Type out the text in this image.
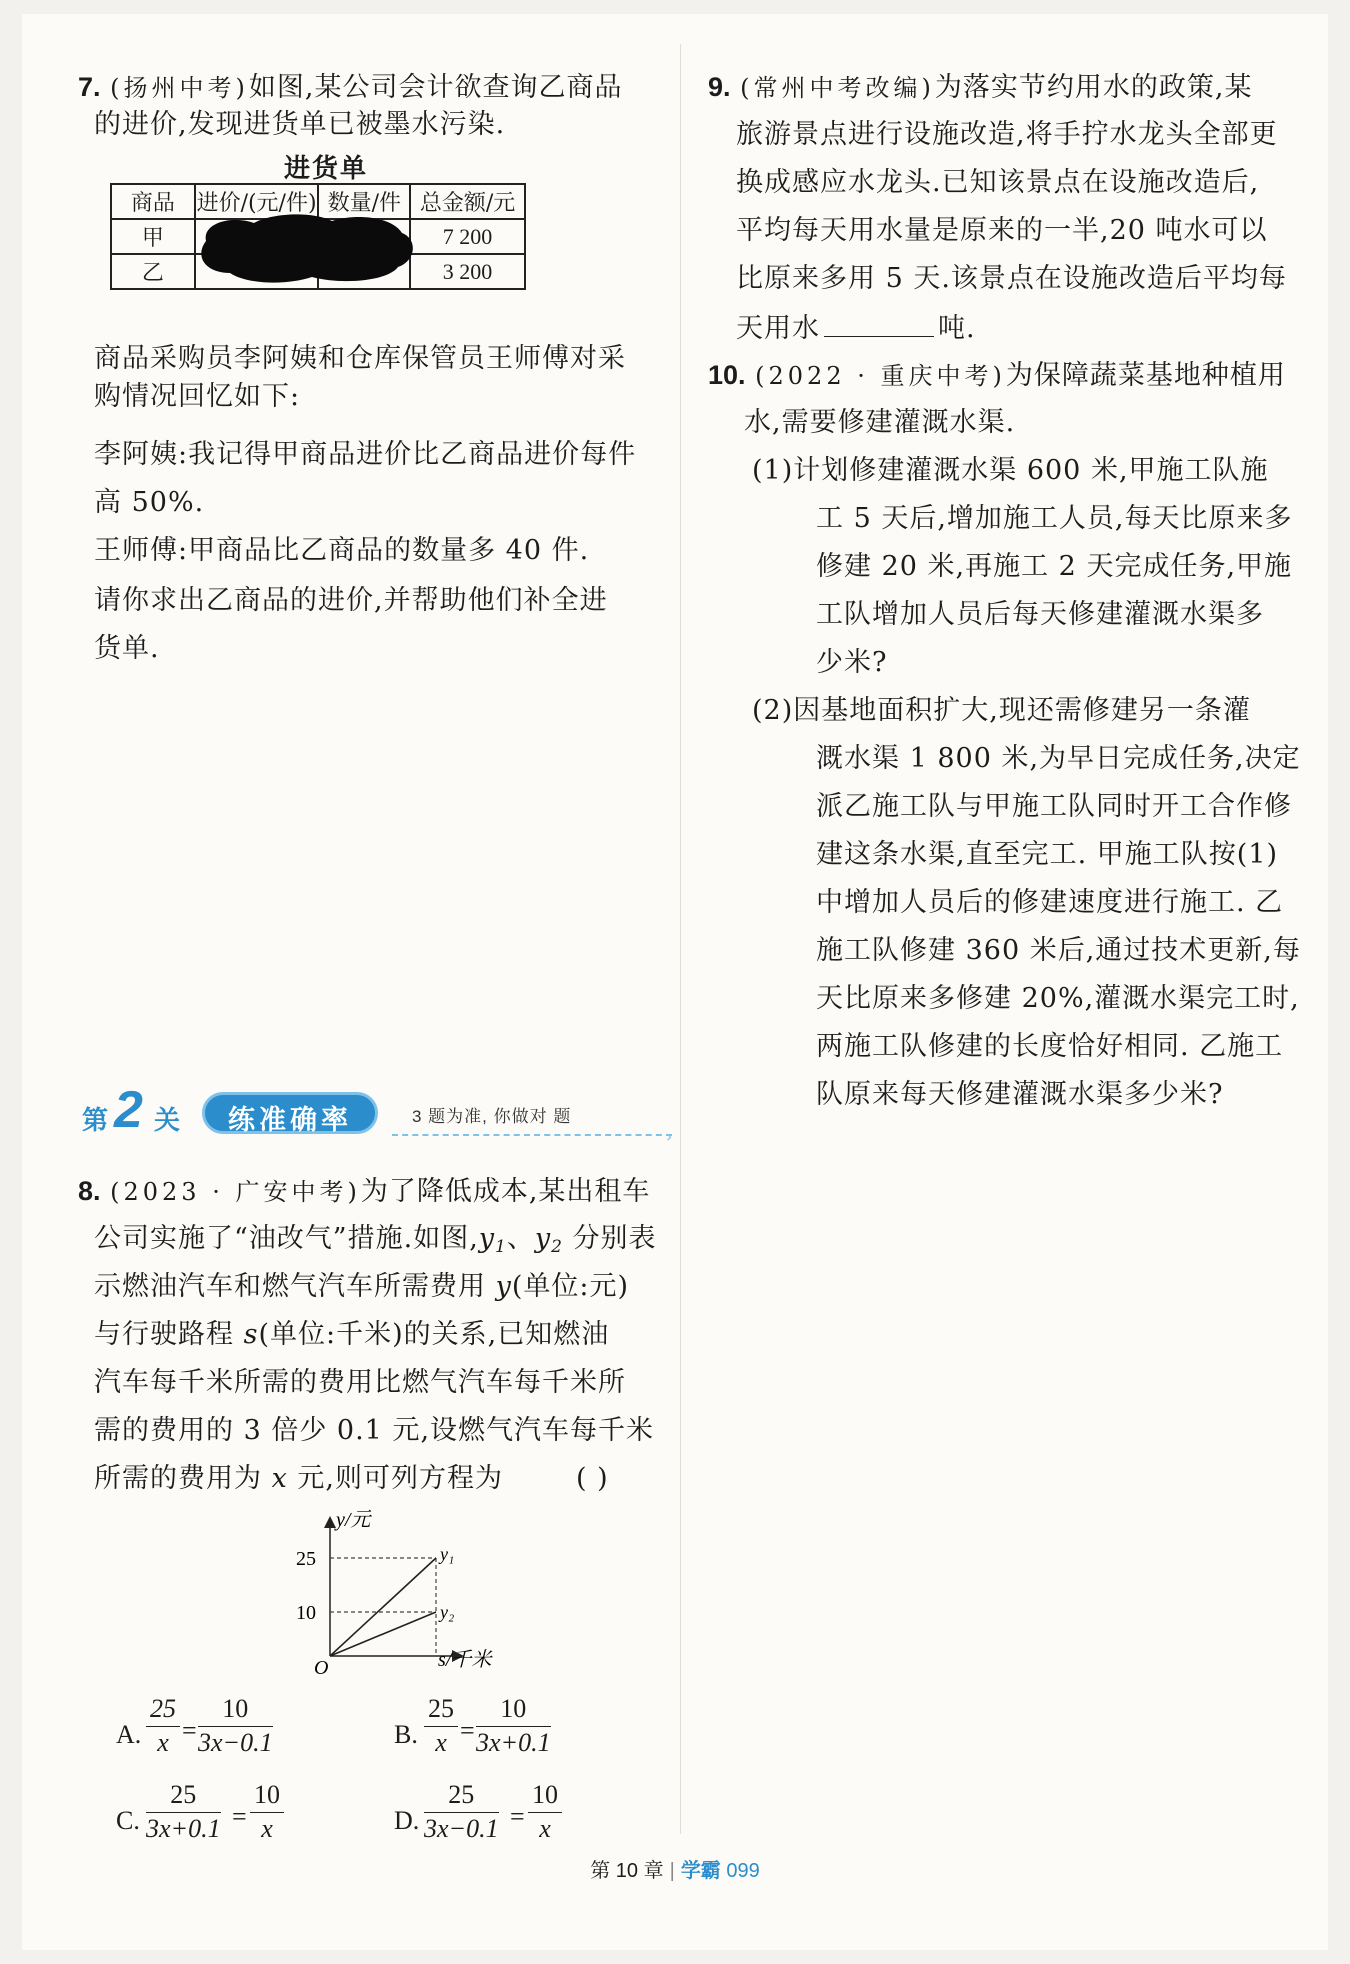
7. (扬州中考)如图,某公司会计欲查询乙商品
的进价,发现进货单已被墨水污染.
进货单
商品	进价/(元/件)	数量/件	总金额/元
甲			7 200
乙			3 200
商品采购员李阿姨和仓库保管员王师傅对采
购情况回忆如下:
李阿姨:我记得甲商品进价比乙商品进价每件
高 50%.
王师傅:甲商品比乙商品的数量多 40 件.
请你求出乙商品的进价,并帮助他们补全进
货单.
第 2 关	练准确率	3 题为准, 你做对 题
›
8. (2023 · 广安中考)为了降低成本,某出租车
公司实施了“油改气”措施.如图$,y_1$、$y_2$ 分别表
示燃油汽车和燃气汽车所需费用 y(单位:元)
与行驶路程 s(单位:千米)的关系,已知燃油
汽车每千米所需的费用比燃气汽车每千米所
需的费用的 3 倍少 0.1 元,设燃气汽车每千米
所需的费用为 x 元,则可列方程为	( )
y/元
25
10
O
y₁
y₂
s/千米
A. $\frac{25}{x} = \frac{10}{3x-0.1}$	B. $\frac{25}{x} = \frac{10}{3x+0.1}$
C. $\frac{25}{3x+0.1} = \frac{10}{x}$	D. $\frac{25}{3x-0.1} = \frac{10}{x}$
9. (常州中考改编)为落实节约用水的政策,某
旅游景点进行设施改造,将手拧水龙头全部更
换成感应水龙头.已知该景点在设施改造后,
平均每天用水量是原来的一半,20 吨水可以
比原来多用 5 天.该景点在设施改造后平均每
天用水	吨.
10. (2022 · 重庆中考)为保障蔬菜基地种植用
水,需要修建灌溉水渠.
(1)计划修建灌溉水渠 600 米,甲施工队施
工 5 天后,增加施工人员,每天比原来多
修建 20 米,再施工 2 天完成任务,甲施
工队增加人员后每天修建灌溉水渠多
少米?
(2)因基地面积扩大,现还需修建另一条灌
溉水渠 1 800 米,为早日完成任务,决定
派乙施工队与甲施工队同时开工合作修
建这条水渠,直至完工. 甲施工队按(1)
中增加人员后的修建速度进行施工. 乙
施工队修建 360 米后,通过技术更新,每
天比原来多修建 20%,灌溉水渠完工时,
两施工队修建的长度恰好相同. 乙施工
队原来每天修建灌溉水渠多少米?
第 10 章 | 学霸 099
